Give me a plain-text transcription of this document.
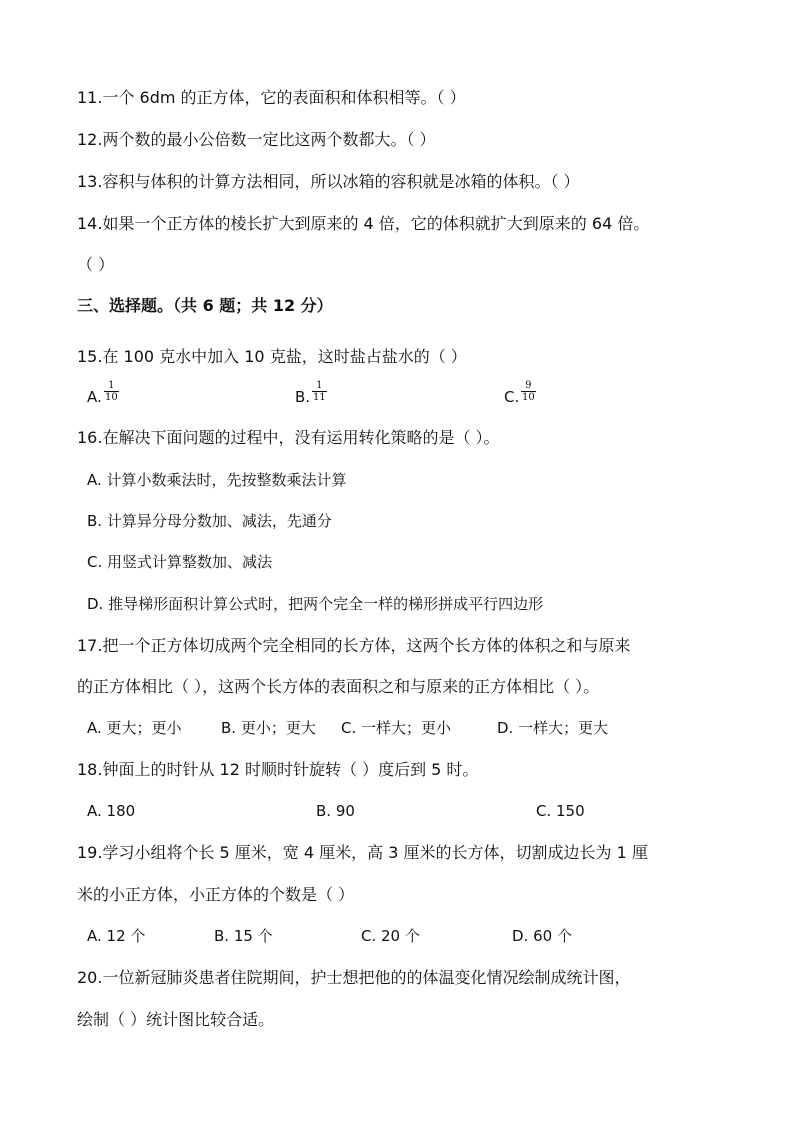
11.一个 6dm 的正方体，它的表面积和体积相等。（ ）
12.两个数的最小公倍数一定比这两个数都大。（ ）
13.容积与体积的计算方法相同，所以冰箱的容积就是冰箱的体积。（ ）
14.如果一个正方体的棱长扩大到原来的 4 倍，它的体积就扩大到原来的 64 倍。
（ ）
三、选择题。（共 6 题；共 12 分）
15.在 100 克水中加入 10 克盐，这时盐占盐水的（ ）
A. $\frac{1}{10}$	B. $\frac{1}{11}$	C. $\frac{9}{10}$
16.在解决下面问题的过程中，没有运用转化策略的是（ ）。
A. 计算小数乘法时，先按整数乘法计算
B. 计算异分母分数加、减法，先通分
C. 用竖式计算整数加、减法
D. 推导梯形面积计算公式时，把两个完全一样的梯形拼成平行四边形
17.把一个正方体切成两个完全相同的长方体，这两个长方体的体积之和与原来
的正方体相比（ ），这两个长方体的表面积之和与原来的正方体相比（ ）。
A. 更大；更小	B. 更小；更大 C. 一样大；更小	D. 一样大；更大
18.钟面上的时针从 12 时顺时针旋转（ ）度后到 5 时。
A. 180	B. 90	C. 150
19.学习小组将个长 5 厘米，宽 4 厘米，高 3 厘米的长方体，切割成边长为 1 厘
米的小正方体，小正方体的个数是（ ）
A. 12 个	B. 15 个	C. 20 个	D. 60 个
20.一位新冠肺炎患者住院期间，护士想把他的的体温变化情况绘制成统计图，
绘制（ ）统计图比较合适。
